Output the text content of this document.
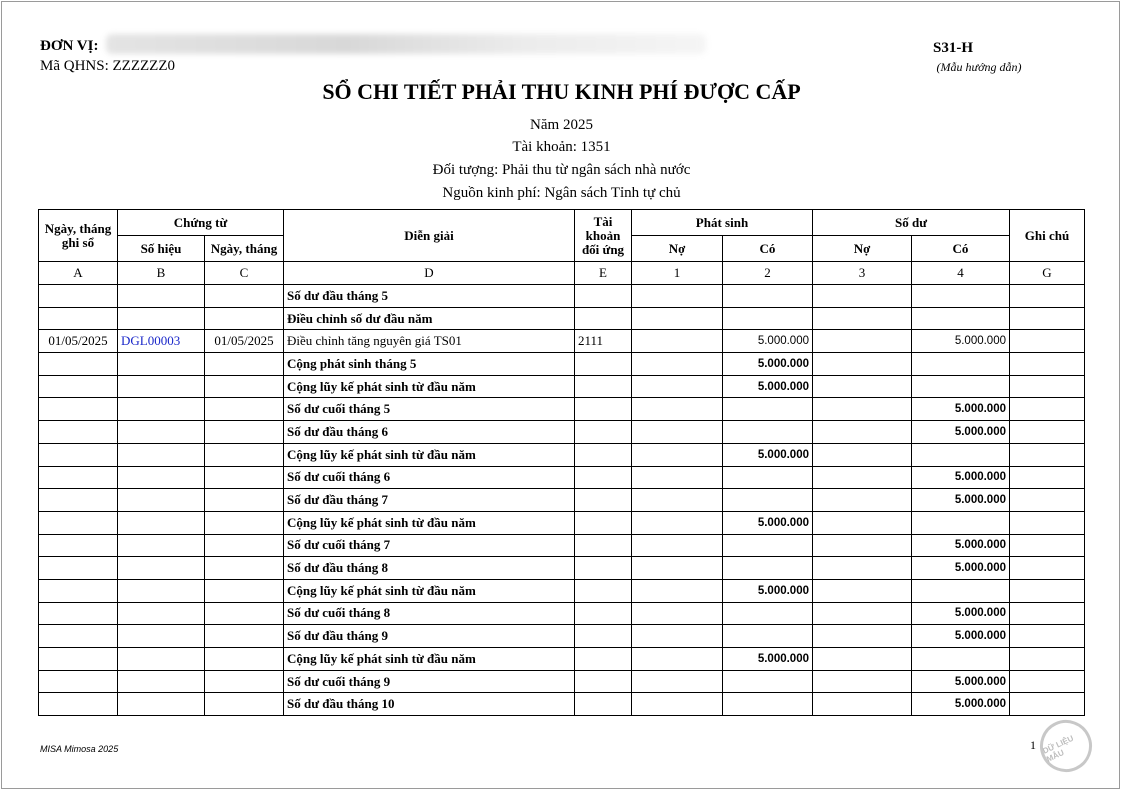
ĐƠN VỊ:
Mã QHNS: ZZZZZZ0
S31-H
(Mẫu hướng dẫn)
SỔ CHI TIẾT PHẢI THU KINH PHÍ ĐƯỢC CẤP
Năm 2025
Tài khoản: 1351
Đối tượng: Phải thu từ ngân sách nhà nước
Nguồn kinh phí: Ngân sách Tỉnh tự chủ
Ngày, tháng ghi sổ	Chứng từ		Diễn giải	Tài khoản đối ứng	Phát sinh		Số dư		Ghi chú
	Số hiệu	Ngày, tháng			Nợ	Có	Nợ	Có	
A	B	C	D	E	1	2	3	4	G
			Số dư đầu tháng 5						
			Điều chỉnh số dư đầu năm						
01/05/2025	DGL00003	01/05/2025	Điều chỉnh tăng nguyên giá TS01	2111		5.000.000		5.000.000	
			Cộng phát sinh tháng 5			5.000.000			
			Cộng lũy kế phát sinh từ đầu năm			5.000.000			
			Số dư cuối tháng 5					5.000.000	
			Số dư đầu tháng 6					5.000.000	
			Cộng lũy kế phát sinh từ đầu năm			5.000.000			
			Số dư cuối tháng 6					5.000.000	
			Số dư đầu tháng 7					5.000.000	
			Cộng lũy kế phát sinh từ đầu năm			5.000.000			
			Số dư cuối tháng 7					5.000.000	
			Số dư đầu tháng 8					5.000.000	
			Cộng lũy kế phát sinh từ đầu năm			5.000.000			
			Số dư cuối tháng 8					5.000.000	
			Số dư đầu tháng 9					5.000.000	
			Cộng lũy kế phát sinh từ đầu năm			5.000.000			
			Số dư cuối tháng 9					5.000.000	
			Số dư đầu tháng 10					5.000.000	
MISA Mimosa 2025	1 DỮ LIỆU MẪU
